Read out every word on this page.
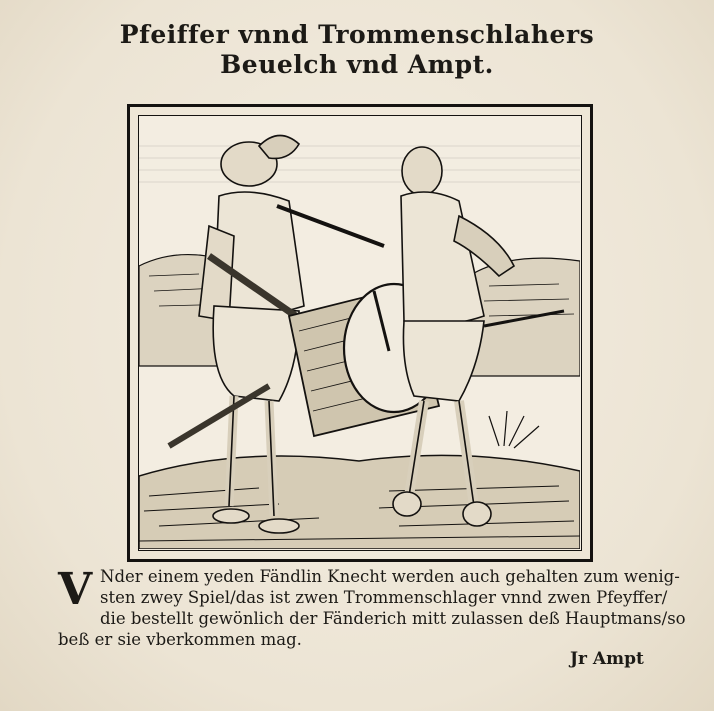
Pfeiffer vnnd Trommenschlahers
Beuelch vnd Ampt.
V Nder einem yeden Fändlin Knecht werden auch gehalten zum wenig-
sten zwey Spiel/das ist zwen Trommenschlager vnnd zwen Pfeyffer/
die bestellt gewönlich der Fänderich mitt zulassen deß Hauptmans/so
beß er sie vberkommen mag.
Jr Ampt
